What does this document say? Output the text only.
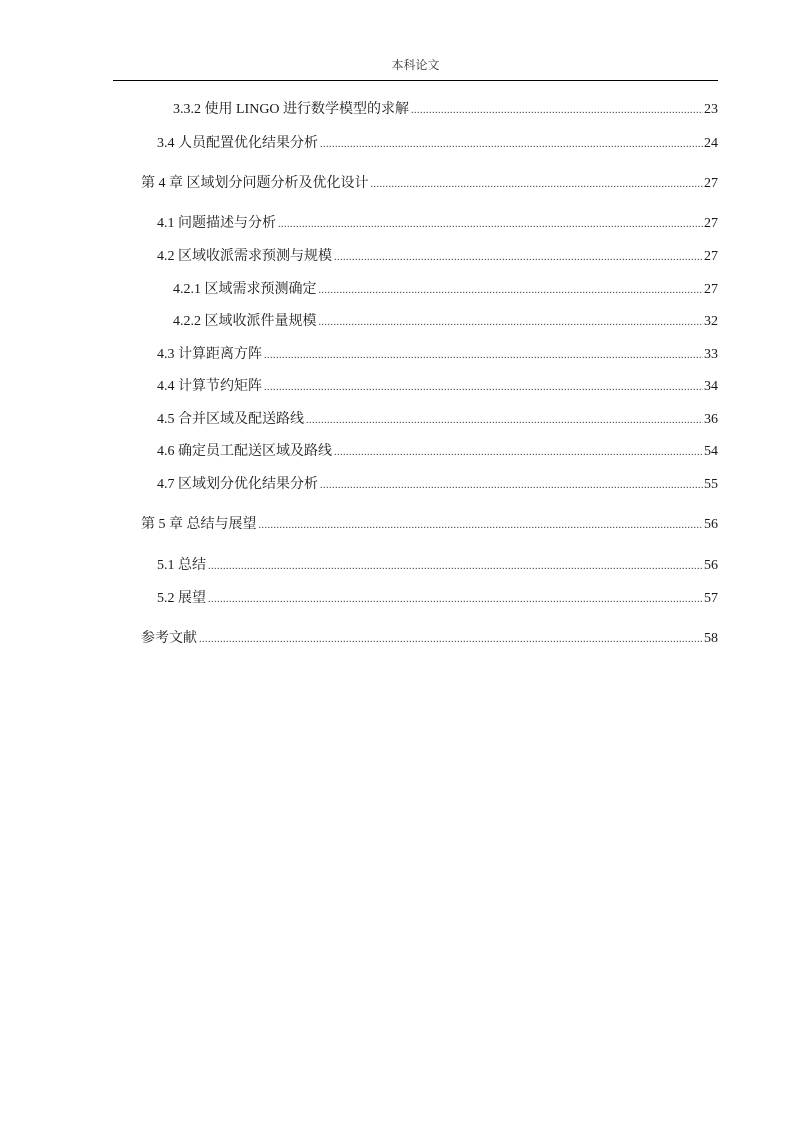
本科论文
3.3.2 使用 LINGO 进行数学模型的求解 .....	23
3.4 人员配置优化结果分析 .....	24
第 4 章 区域划分问题分析及优化设计 .....	27
4.1 问题描述与分析 .....	27
4.2 区域收派需求预测与规模 .....	27
4.2.1 区域需求预测确定 .....	27
4.2.2 区域收派件量规模 .....	32
4.3 计算距离方阵 .....	33
4.4 计算节约矩阵 .....	34
4.5 合并区域及配送路线 .....	36
4.6 确定员工配送区域及路线 .....	54
4.7 区域划分优化结果分析 .....	55
第 5 章 总结与展望 .....	56
5.1 总结 .....	56
5.2 展望 .....	57
参考文献 .....	58
